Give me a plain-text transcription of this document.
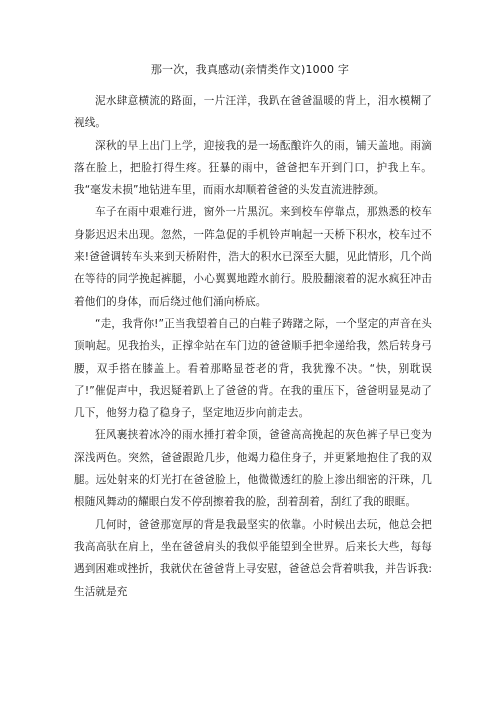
那一次，我真感动(亲情类作文)1000 字

泥水肆意横流的路面，一片汪洋，我趴在爸爸温暖的背上，泪水模糊了视线。

深秋的早上出门上学，迎接我的是一场酝酿许久的雨，铺天盖地。雨滴落在脸上，把脸打得生疼。狂暴的雨中，爸爸把车开到门口，护我上车。我“毫发未损”地钻进车里，而雨水却顺着爸爸的头发直流进脖颈。

车子在雨中艰难行进，窗外一片黑沉。来到校车停靠点，那熟悉的校车身影迟迟未出现。忽然，一阵急促的手机铃声响起一天桥下积水，校车过不来!爸爸调转车头来到天桥附件，浩大的积水已深至大腿，见此情形，几个尚在等待的同学挽起裤腿，小心翼翼地蹚水前行。股股翻滚着的泥水疯狂冲击着他们的身体，而后绕过他们涌向桥底。

“走，我背你!”正当我望着自己的白鞋子踌躇之际，一个坚定的声音在头顶响起。见我抬头，正撑伞站在车门边的爸爸顺手把伞递给我，然后转身弓腰，双手搭在膝盖上。看着那略显苍老的背，我犹豫不决。“快，别耽误了!”催促声中，我迟疑着趴上了爸爸的背。在我的重压下，爸爸明显晃动了几下，他努力稳了稳身子，坚定地迈步向前走去。

狂风裹挟着冰冷的雨水捶打着伞顶，爸爸高高挽起的灰色裤子早已变为深浅两色。突然，爸爸跟跄几步，他竭力稳住身子，并更紧地抱住了我的双腿。远处射来的灯光打在爸爸脸上，他微微透红的脸上渗出细密的汗珠，几根随风舞动的耀眼白发不停刮擦着我的脸，刮着刮着，刮红了我的眼眶。

几何时，爸爸那宽厚的背是我最坚实的依靠。小时候出去玩，他总会把我高高驮在肩上，坐在爸爸肩头的我似乎能望到全世界。后来长大些，每每遇到困难或挫折，我就伏在爸爸背上寻安慰，爸爸总会背着哄我，并告诉我:生活就是充
